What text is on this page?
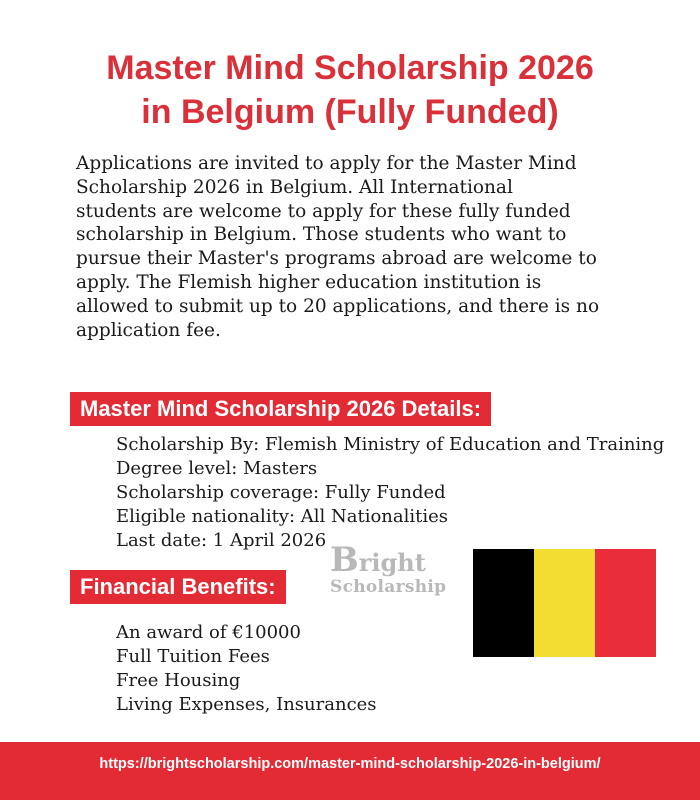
Master Mind Scholarship 2026
in Belgium (Fully Funded)
Applications are invited to apply for the Master Mind
Scholarship 2026 in Belgium. All International
students are welcome to apply for these fully funded
scholarship in Belgium. Those students who want to
pursue their Master's programs abroad are welcome to
apply. The Flemish higher education institution is
allowed to submit up to 20 applications, and there is no
application fee.
Master Mind Scholarship 2026 Details:
Scholarship By: Flemish Ministry of Education and Training
Degree level: Masters
Scholarship coverage: Fully Funded
Eligible nationality: All Nationalities
Last date: 1 April 2026 Bright
Scholarship
Financial Benefits:
An award of €10000
Full Tuition Fees
Free Housing
Living Expenses, Insurances
https://brightscholarship.com/master-mind-scholarship-2026-in-belgium/
